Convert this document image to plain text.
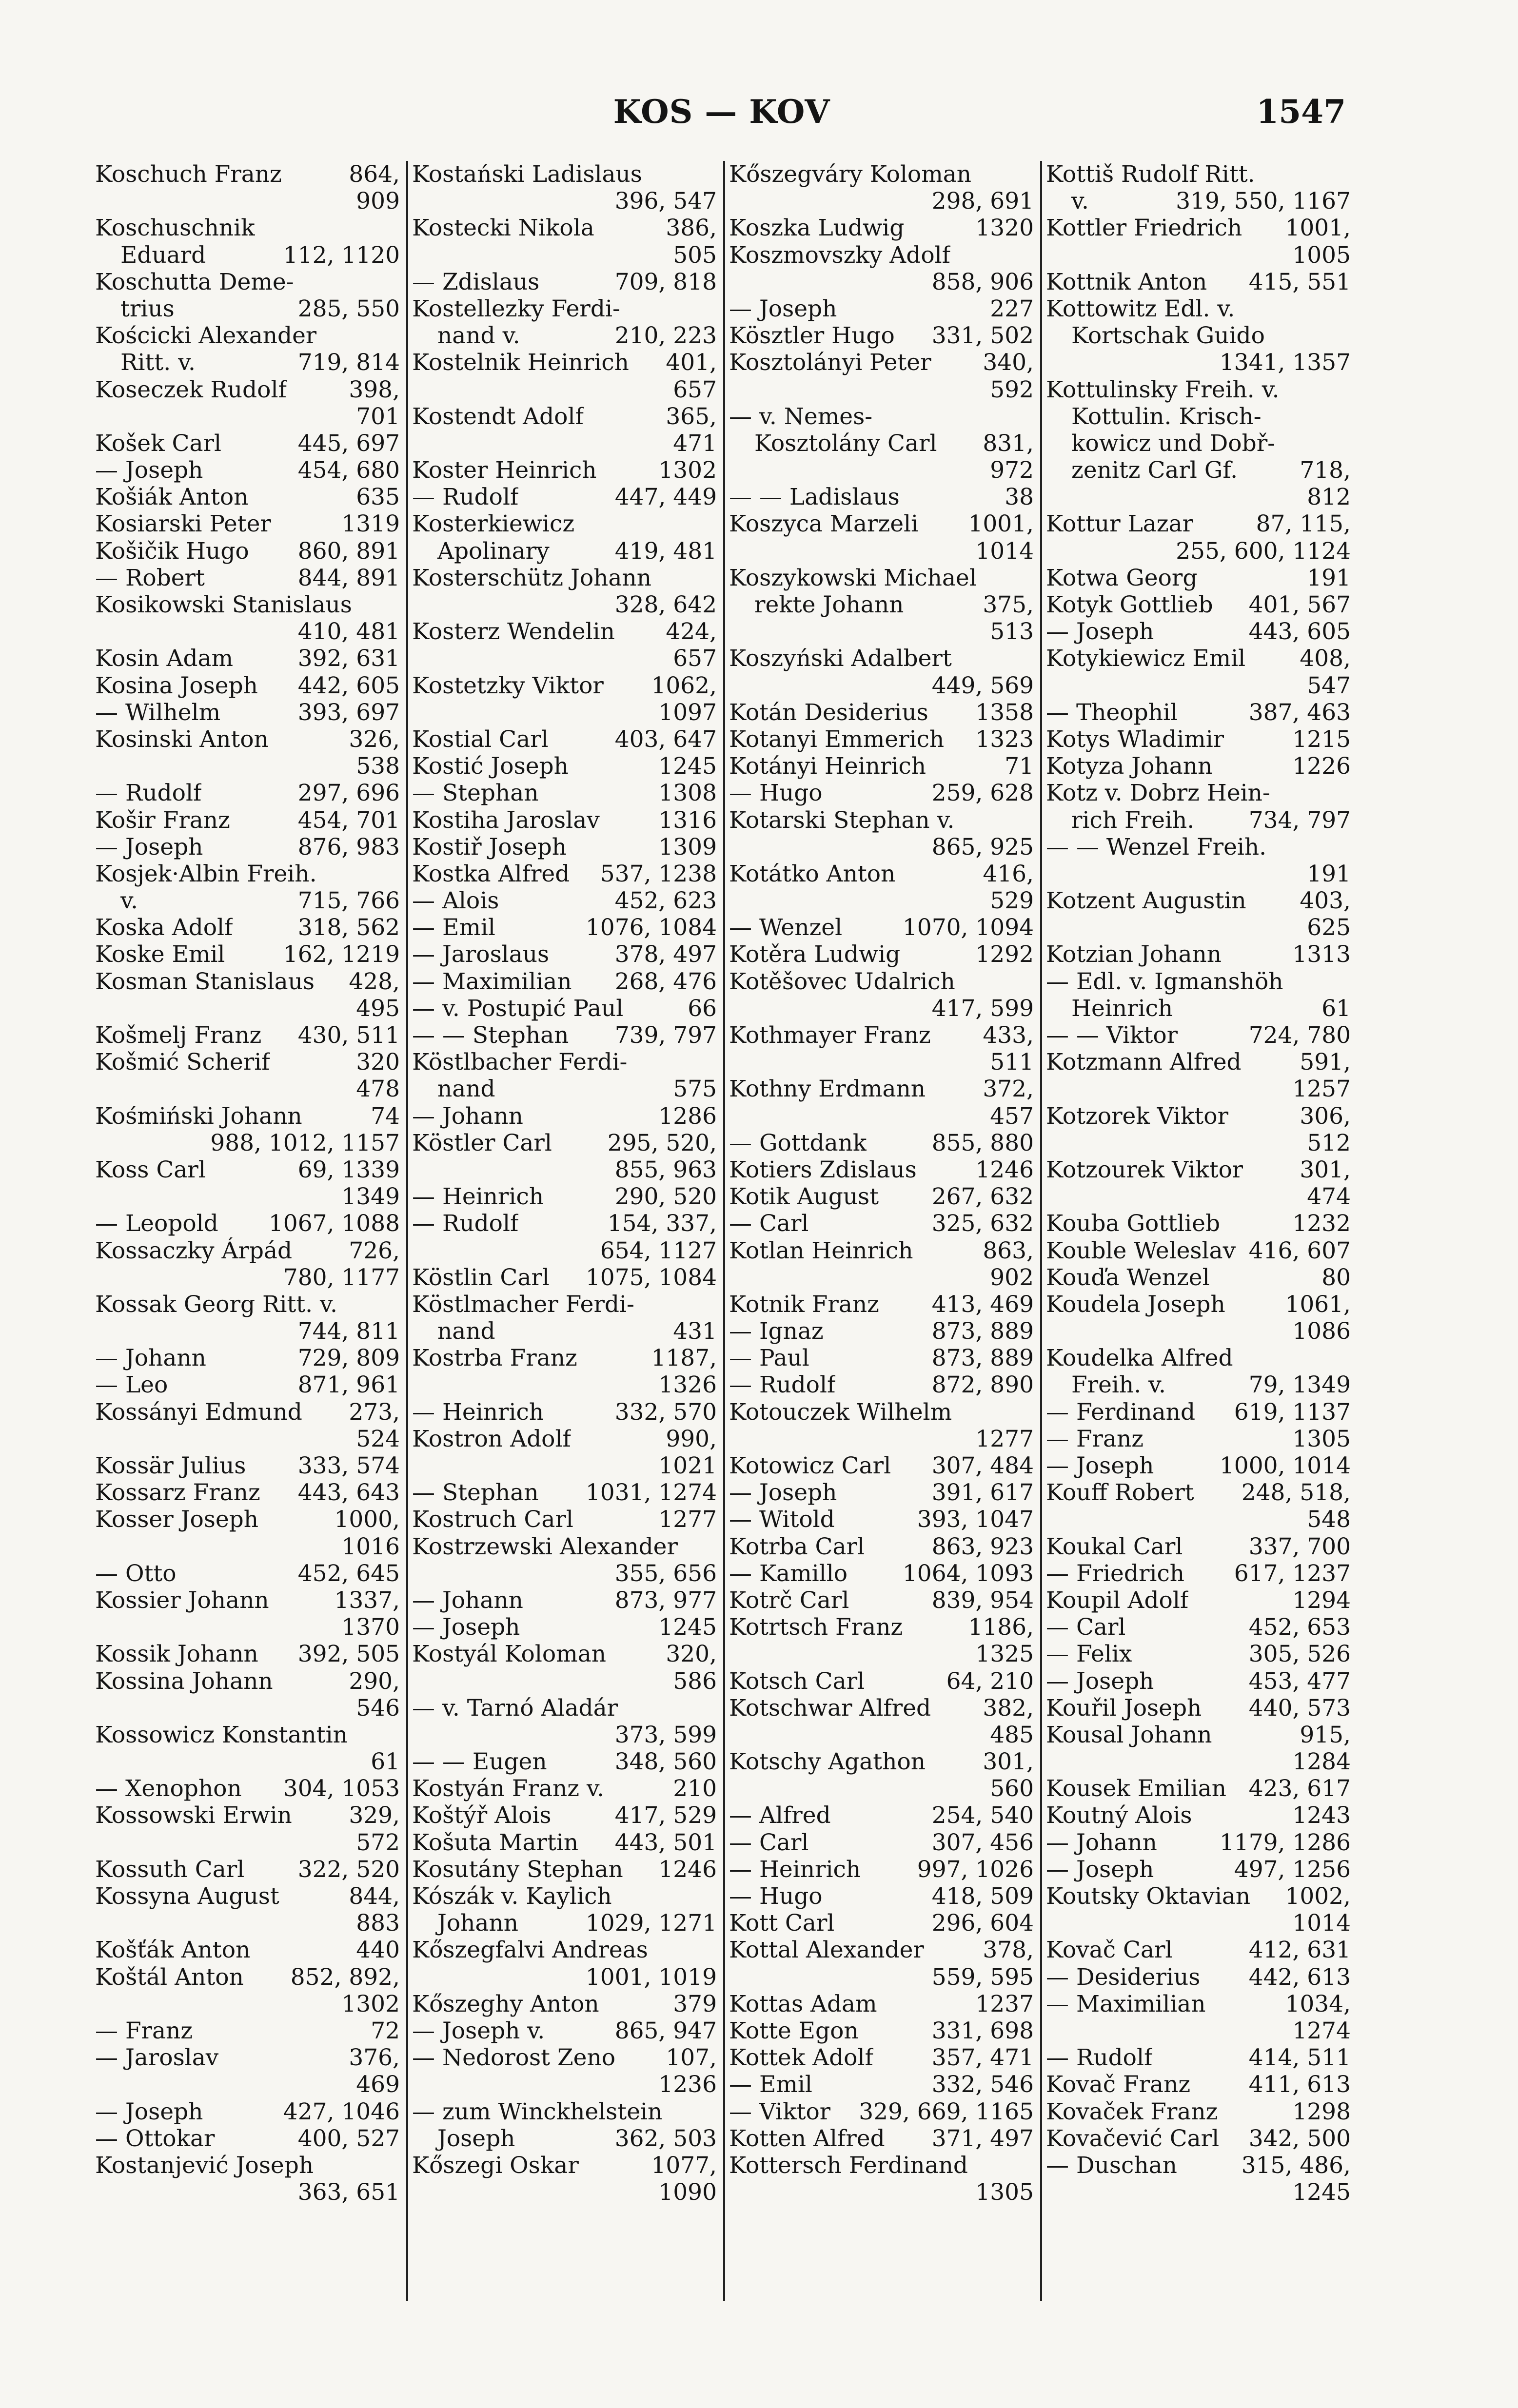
KOS — KOV	1547
Koschuch Franz	864,
909
Koschuschnik
Eduard	112, 1120
Koschutta Deme-
trius	285, 550
Kościcki Alexander
Ritt. v.	719, 814
Koseczek Rudolf	398,
701
Košek Carl	445, 697
— Joseph	454, 680
Košiák Anton	635
Kosiarski Peter	1319
Košičik Hugo 860, 891
— Robert	844, 891
Kosikowski Stanislaus
410, 481
Kosin Adam	392, 631
Kosina Joseph 442, 605
— Wilhelm	393, 697
Kosinski Anton	326,
538
— Rudolf	297, 696
Košir Franz	454, 701
— Joseph	876, 983
Kosjek·Albin Freih.
v.	715, 766
Koska Adolf	318, 562
Koske Emil	162, 1219
Kosman Stanislaus 428,
495
Košmelj Franz 430, 511
Košmić Scherif	320
478
Kośmiński Johann	74
988, 1012, 1157
Koss Carl	69, 1339
1349
— Leopold 1067, 1088
Kossaczky Árpád 726,
780, 1177
Kossak Georg Ritt. v.
744, 811
— Johann	729, 809
— Leo	871, 961
Kossányi Edmund 273,
524
Kossär Julius 333, 574
Kossarz Franz 443, 643
Kosser Joseph	1000,
1016
— Otto	452, 645
Kossier Johann	1337,
1370
Kossik Johann 392, 505
Kossina Johann	290,
546
Kossowicz Konstantin
61
— Xenophon 304, 1053
Kossowski Erwin 329,
572
Kossuth Carl 322, 520
Kossyna August	844,
883
Košťák Anton	440
Koštál Anton 852, 892,
1302
— Franz	72
— Jaroslav	376,
469
— Joseph	427, 1046
— Ottokar	400, 527
Kostanjević Joseph
363, 651
Kostański Ladislaus
396, 547
Kostecki Nikola	386,
505
— Zdislaus	709, 818
Kostellezky Ferdi-
nand v.	210, 223
Kostelnik Heinrich 401,
657
Kostendt Adolf	365,
471
Koster Heinrich	1302
— Rudolf	447, 449
Kosterkiewicz
Apolinary	419, 481
Kosterschütz Johann
328, 642
Kosterz Wendelin 424,
657
Kostetzky Viktor 1062,
1097
Kostial Carl	403, 647
Kostić Joseph	1245
— Stephan	1308
Kostiha Jaroslav	1316
Kostiř Joseph	1309
Kostka Alfred 537, 1238
— Alois	452, 623
— Emil	1076, 1084
— Jaroslaus	378, 497
— Maximilian 268, 476
— v. Postupić Paul	66
— — Stephan 739, 797
Köstlbacher Ferdi-
nand	575
— Johann	1286
Köstler Carl 295, 520,
855, 963
— Heinrich	290, 520
— Rudolf	154, 337,
654, 1127
Köstlin Carl 1075, 1084
Köstlmacher Ferdi-
nand	431
Kostrba Franz	1187,
1326
— Heinrich	332, 570
Kostron Adolf	990,
1021
— Stephan 1031, 1274
Kostruch Carl	1277
Kostrzewski Alexander
355, 656
— Johann	873, 977
— Joseph	1245
Kostyál Koloman	320,
586
— v. Tarnó Aladár
373, 599
— — Eugen	348, 560
Kostyán Franz v.	210
Koštýř Alois	417, 529
Košuta Martin 443, 501
Kosutány Stephan 1246
Kószák v. Kaylich
Johann	1029, 1271
Kőszegfalvi Andreas
1001, 1019
Kőszeghy Anton	379
— Joseph v.	865, 947
— Nedorost Zeno 107,
1236
— zum Winckhelstein
Joseph	362, 503
Kőszegi Oskar	1077,
1090
Kőszegváry Koloman
298, 691
Koszka Ludwig	1320
Koszmovszky Adolf
858, 906
— Joseph	227
Kösztler Hugo 331, 502
Kosztolányi Peter 340,
592
— v. Nemes-
Kosztolány Carl 831,
972
— — Ladislaus	38
Koszyca Marzeli 1001,
1014
Koszykowski Michael
rekte Johann	375,
513
Koszyński Adalbert
449, 569
Kotán Desiderius 1358
Kotanyi Emmerich 1323
Kotányi Heinrich	71
— Hugo	259, 628
Kotarski Stephan v.
865, 925
Kotátko Anton	416,
529
— Wenzel	1070, 1094
Kotěra Ludwig	1292
Kotěšovec Udalrich
417, 599
Kothmayer Franz 433,
511
Kothny Erdmann 372,
457
— Gottdank	855, 880
Kotiers Zdislaus	1246
Kotik August 267, 632
— Carl	325, 632
Kotlan Heinrich	863,
902
Kotnik Franz 413, 469
— Ignaz	873, 889
— Paul	873, 889
— Rudolf	872, 890
Kotouczek Wilhelm
1277
Kotowicz Carl 307, 484
— Joseph	391, 617
— Witold	393, 1047
Kotrba Carl	863, 923
— Kamillo 1064, 1093
Kotrč Carl	839, 954
Kotrtsch Franz	1186,
1325
Kotsch Carl	64, 210
Kotschwar Alfred 382,
485
Kotschy Agathon 301,
560
— Alfred	254, 540
— Carl	307, 456
— Heinrich 997, 1026
— Hugo	418, 509
Kott Carl	296, 604
Kottal Alexander	378,
559, 595
Kottas Adam	1237
Kotte Egon	331, 698
Kottek Adolf	357, 471
— Emil	332, 546
— Viktor 329, 669, 1165
Kotten Alfred 371, 497
Kottersch Ferdinand
1305
Kottiš Rudolf Ritt.
v.	319, 550, 1167
Kottler Friedrich 1001,
1005
Kottnik Anton 415, 551
Kottowitz Edl. v.
Kortschak Guido
1341, 1357
Kottulinsky Freih. v.
Kottulin. Krisch-
kowicz und Dobř-
zenitz Carl Gf.	718,
812
Kottur Lazar	87, 115,
255, 600, 1124
Kotwa Georg	191
Kotyk Gottlieb 401, 567
— Joseph	443, 605
Kotykiewicz Emil 408,
547
— Theophil	387, 463
Kotys Wladimir	1215
Kotyza Johann	1226
Kotz v. Dobrz Hein-
rich Freih. 734, 797
— — Wenzel Freih.
191
Kotzent Augustin 403,
625
Kotzian Johann	1313
— Edl. v. Igmanshöh
Heinrich	61
— — Viktor	724, 780
Kotzmann Alfred	591,
1257
Kotzorek Viktor	306,
512
Kotzourek Viktor 301,
474
Kouba Gottlieb	1232
Kouble Weleslav 416, 607
Kouďa Wenzel	80
Koudela Joseph	1061,
1086
Koudelka Alfred
Freih. v.	79, 1349
— Ferdinand 619, 1137
— Franz	1305
— Joseph	1000, 1014
Kouff Robert 248, 518,
548
Koukal Carl	337, 700
— Friedrich 617, 1237
Koupil Adolf	1294
— Carl	452, 653
— Felix	305, 526
— Joseph	453, 477
Kouřil Joseph 440, 573
Kousal Johann	915,
1284
Kousek Emilian 423, 617
Koutný Alois	1243
— Johann	1179, 1286
— Joseph	497, 1256
Koutsky Oktavian 1002,
1014
Kovač Carl	412, 631
— Desiderius 442, 613
— Maximilian	1034,
1274
— Rudolf	414, 511
Kovač Franz	411, 613
Kovaček Franz	1298
Kovačević Carl 342, 500
— Duschan	315, 486,
1245
